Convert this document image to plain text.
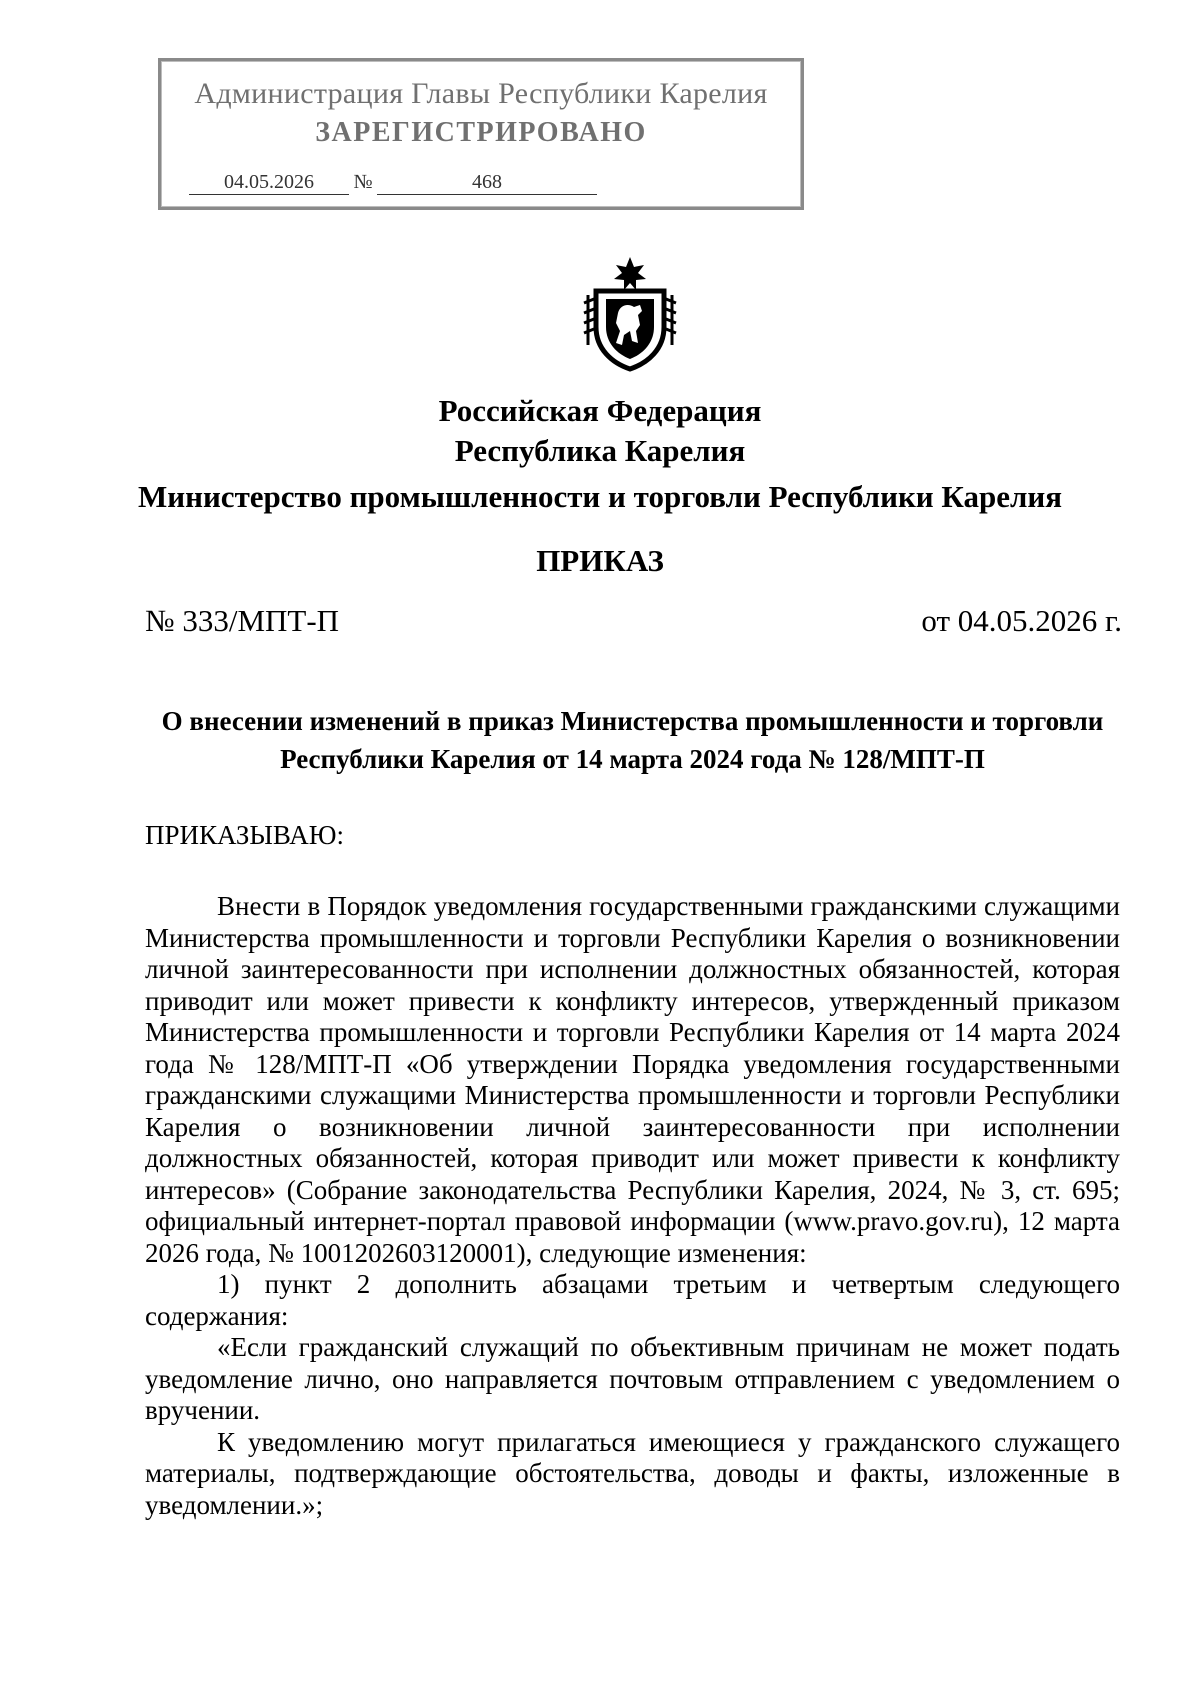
Администрация Главы Республики Карелия
ЗАРЕГИСТРИРОВАНО
04.05.2026 №	468
Российская Федерация
Республика Карелия
Министерство промышленности и торговли Республики Карелия
ПРИКАЗ
№ 333/МПТ-П	от 04.05.2026 г.
О внесении изменений в приказ Министерства промышленности и торговли Республики Карелия от 14 марта 2024 года № 128/МПТ-П
ПРИКАЗЫВАЮ:

Внести в Порядок уведомления государственными гражданскими служащими Министерства промышленности и торговли Республики Карелия о возникновении личной заинтересованности при исполнении должностных обязанностей, которая приводит или может привести к конфликту интересов, утвержденный приказом Министерства промышленности и торговли Республики Карелия от 14 марта 2024 года № 128/МПТ-П «Об утверждении Порядка уведомления государственными гражданскими служащими Министерства промышленности и торговли Республики Карелия о возникновении личной заинтересованности при исполнении должностных обязанностей, которая приводит или может привести к конфликту интересов» (Собрание законодательства Республики Карелия, 2024, № 3, ст. 695; официальный интернет-портал правовой информации (www.pravo.gov.ru), 12 марта 2026 года, № 1001202603120001), следующие изменения:

1) пункт 2 дополнить абзацами третьим и четвертым следующего содержания:

«Если гражданский служащий по объективным причинам не может подать уведомление лично, оно направляется почтовым отправлением с уведомлением о вручении.

К уведомлению могут прилагаться имеющиеся у гражданского служащего материалы, подтверждающие обстоятельства, доводы и факты, изложенные в уведомлении.»;
